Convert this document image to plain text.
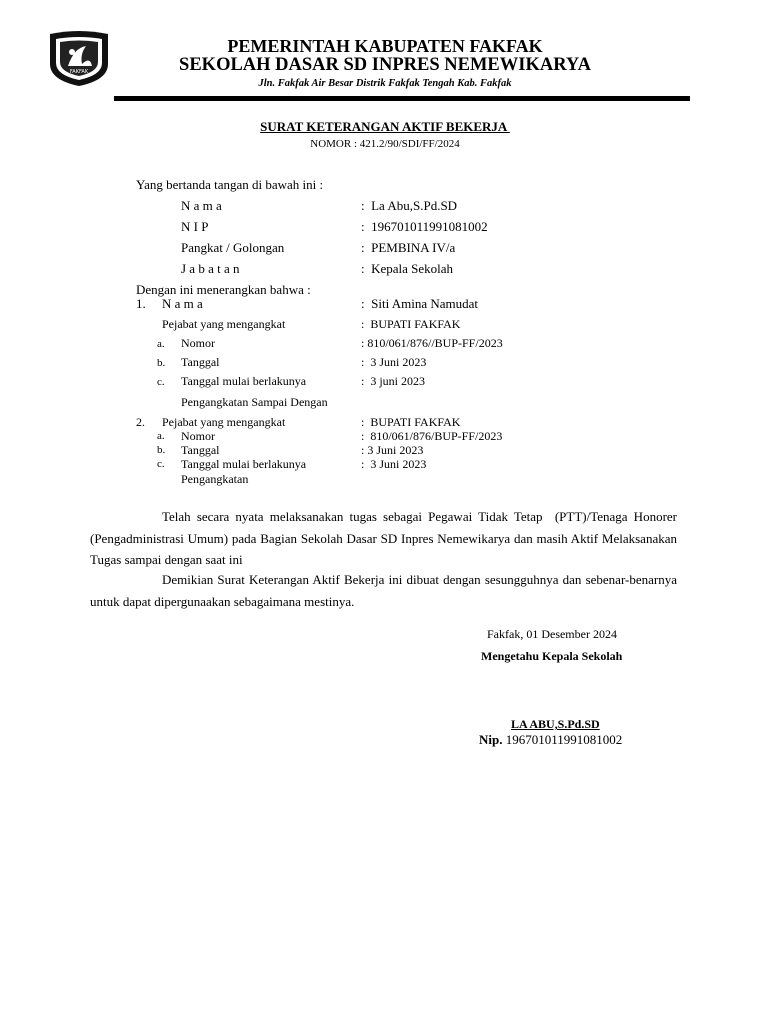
FAKFAK
PEMERINTAH KABUPATEN FAKFAK
SEKOLAH DASAR SD INPRES NEMEWIKARYA
Jln. Fakfak Air Besar Distrik Fakfak Tengah Kab. Fakfak
SURAT KETERANGAN AKTIF BEKERJA
NOMOR : 421.2/90/SDI/FF/2024
Yang bertanda tangan di bawah ini :
N a m a	:  La Abu,S.Pd.SD
N I P	:  196701011991081002
Pangkat / Golongan	:  PEMBINA IV/a
J a b a t a n	:  Kepala Sekolah
Dengan ini menerangkan bahwa :
1. N a m a	:  Siti Amina Namudat
Pejabat yang mengangkat	:  BUPATI FAKFAK
a. Nomor	: 810/061/876//BUP-FF/2023
b. Tanggal	:  3 Juni 2023
c. Tanggal mulai berlakunya	:  3 juni 2023
Pengangkatan Sampai Dengan
2. Pejabat yang mengangkat	:  BUPATI FAKFAK
a. Nomor	:  810/061/876/BUP-FF/2023
b. Tanggal	: 3 Juni 2023
c. Tanggal mulai berlakunya	:  3 Juni 2023
Pengangkatan
Telah secara nyata melaksanakan tugas sebagai Pegawai Tidak Tetap  (PTT)/Tenaga Honorer (Pengadministrasi Umum) pada Bagian Sekolah Dasar SD Inpres Nemewikarya dan masih Aktif Melaksanakan Tugas sampai dengan saat ini
Demikian Surat Keterangan Aktif Bekerja ini dibuat dengan sesungguhnya dan sebenar-benarnya untuk dapat dipergunaakan sebagaimana mestinya.
Fakfak, 01 Desember 2024
Mengetahu Kepala Sekolah
LA ABU,S.Pd.SD
Nip. 196701011991081002
